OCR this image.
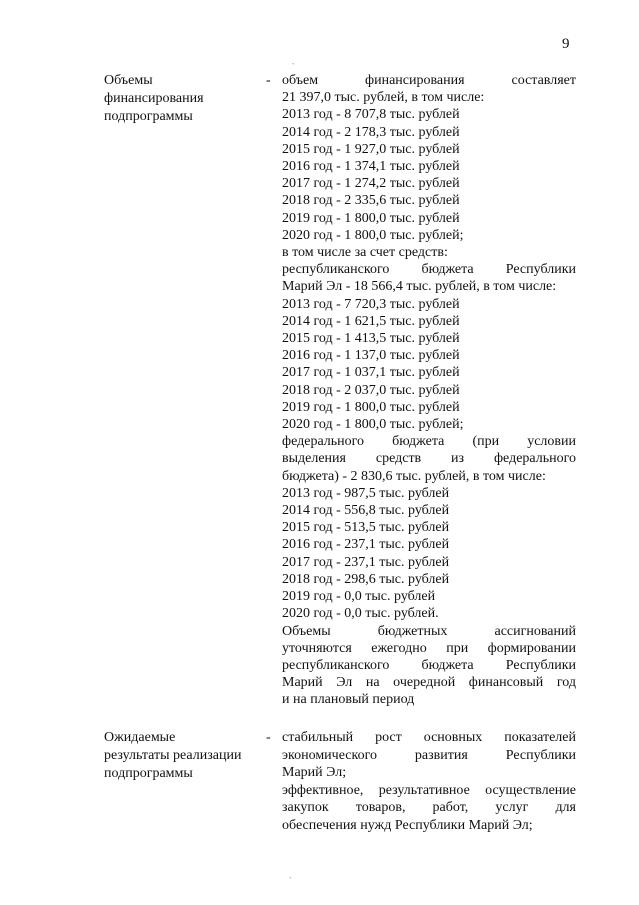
9
ˋ
ˋ
Объемы
финансирования
подпрограммы
- объем финансирования составляет
21 397,0 тыс. рублей, в том числе:
2013 год - 8 707,8 тыс. рублей
2014 год - 2 178,3 тыс. рублей
2015 год - 1 927,0 тыс. рублей
2016 год - 1 374,1 тыс. рублей
2017 год - 1 274,2 тыс. рублей
2018 год - 2 335,6 тыс. рублей
2019 год - 1 800,0 тыс. рублей
2020 год - 1 800,0 тыс. рублей;
в том числе за счет средств:
республиканского бюджета Республики
Марий Эл - 18 566,4 тыс. рублей, в том числе:
2013 год - 7 720,3 тыс. рублей
2014 год - 1 621,5 тыс. рублей
2015 год - 1 413,5 тыс. рублей
2016 год - 1 137,0 тыс. рублей
2017 год - 1 037,1 тыс. рублей
2018 год - 2 037,0 тыс. рублей
2019 год - 1 800,0 тыс. рублей
2020 год - 1 800,0 тыс. рублей;
федерального бюджета (при условии
выделения средств из федерального
бюджета) - 2 830,6 тыс. рублей, в том числе:
2013 год - 987,5 тыс. рублей
2014 год - 556,8 тыс. рублей
2015 год - 513,5 тыс. рублей
2016 год - 237,1 тыс. рублей
2017 год - 237,1 тыс. рублей
2018 год - 298,6 тыс. рублей
2019 год - 0,0 тыс. рублей
2020 год - 0,0 тыс. рублей.
Объемы бюджетных ассигнований
уточняются ежегодно при формировании
республиканского бюджета Республики
Марий Эл на очередной финансовый год
и на плановый период
Ожидаемые
результаты реализации
подпрограммы
- стабильный рост основных показателей
экономического развития Республики
Марий Эл;
эффективное, результативное осуществление
закупок товаров, работ, услуг для
обеспечения нужд Республики Марий Эл;
